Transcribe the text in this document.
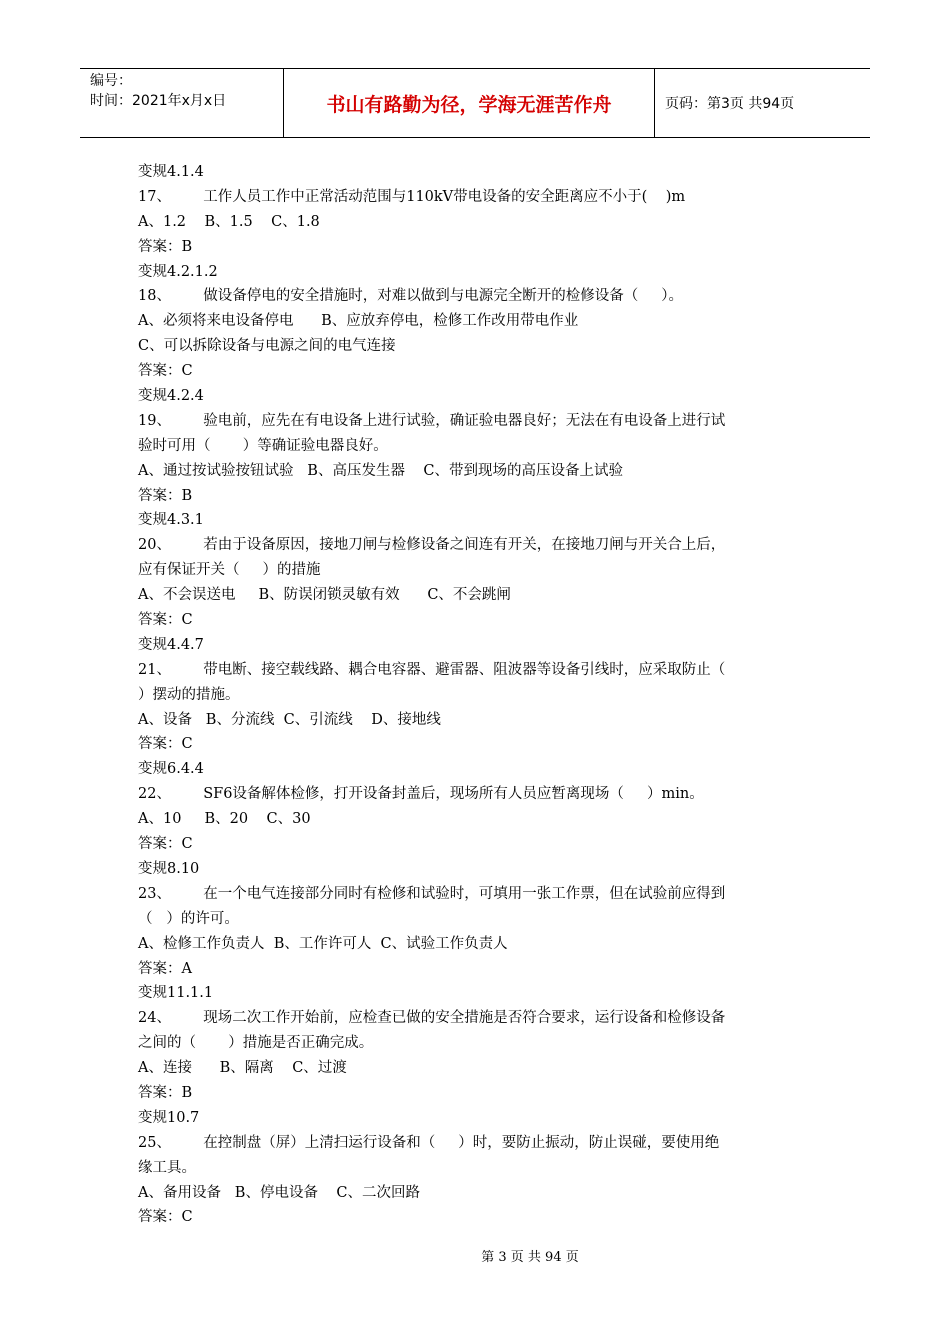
编号：
时间：2021年x月x日	书山有路勤为径，学海无涯苦作舟	页码：第3页 共94页
变规4.1.4
17、       工作人员工作中正常活动范围与110kV带电设备的安全距离应不小于(    )m
A、1.2    B、1.5    C、1.8
答案：B
变规4.2.1.2
18、       做设备停电的安全措施时，对难以做到与电源完全断开的检修设备（     ）。
A、必须将来电设备停电      B、应放弃停电，检修工作改用带电作业
C、可以拆除设备与电源之间的电气连接
答案：C
变规4.2.4
19、       验电前，应先在有电设备上进行试验，确证验电器良好；无法在有电设备上进行试
验时可用（       ）等确证验电器良好。
A、通过按试验按钮试验   B、高压发生器    C、带到现场的高压设备上试验
答案：B
变规4.3.1
20、       若由于设备原因，接地刀闸与检修设备之间连有开关，在接地刀闸与开关合上后，
应有保证开关（     ）的措施
A、不会误送电     B、防误闭锁灵敏有效      C、不会跳闸
答案：C
变规4.4.7
21、       带电断、接空载线路、耦合电容器、避雷器、阻波器等设备引线时，应采取防止（
）摆动的措施。
A、设备   B、分流线  C、引流线    D、接地线
答案：C
变规6.4.4
22、       SF6设备解体检修，打开设备封盖后，现场所有人员应暂离现场（     ）min。
A、10     B、20    C、30
答案：C
变规8.10
23、       在一个电气连接部分同时有检修和试验时，可填用一张工作票，但在试验前应得到
（   ）的许可。
A、检修工作负责人  B、工作许可人  C、试验工作负责人
答案：A
变规11.1.1
24、       现场二次工作开始前，应检查已做的安全措施是否符合要求，运行设备和检修设备
之间的（       ）措施是否正确完成。
A、连接      B、隔离    C、过渡
答案：B
变规10.7
25、       在控制盘（屏）上清扫运行设备和（     ）时，要防止振动，防止误碰，要使用绝
缘工具。
A、备用设备   B、停电设备    C、二次回路
答案：C
第 3 页 共 94 页
